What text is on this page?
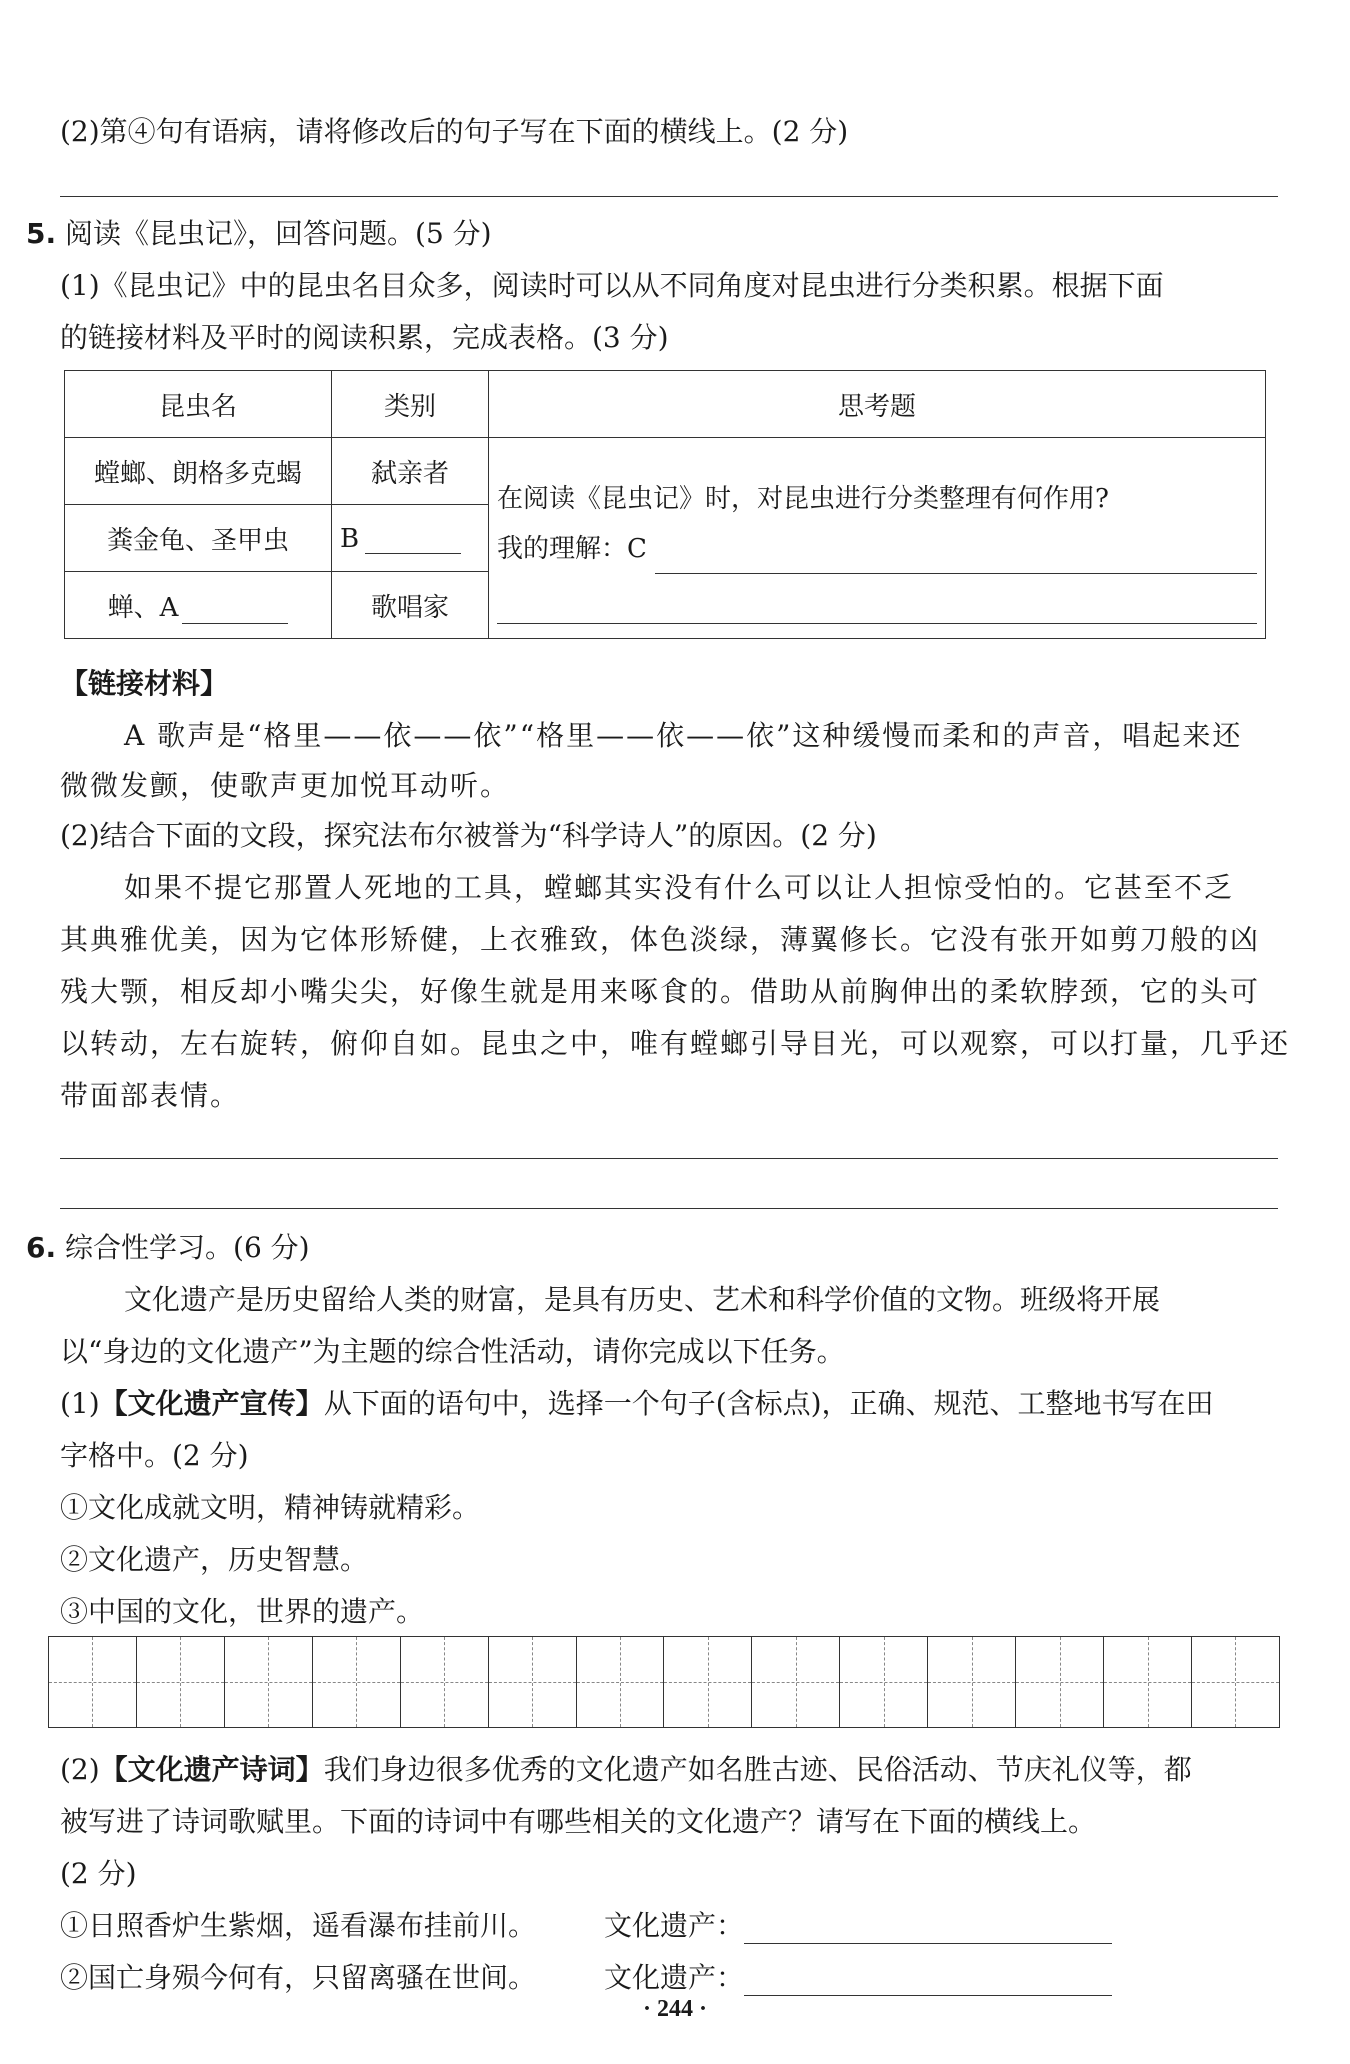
(2)第④句有语病，请将修改后的句子写在下面的横线上。(2 分)
5. 阅读《昆虫记》，回答问题。(5 分)
(1)《昆虫记》中的昆虫名目众多，阅读时可以从不同角度对昆虫进行分类积累。根据下面
的链接材料及平时的阅读积累，完成表格。(3 分)
昆虫名	类别	思考题
螳螂、朗格多克蝎	弑亲者	在阅读《昆虫记》时，对昆虫进行分类整理有何作用?
我的理解：C

粪金龟、圣甲虫	B	
蝉、A	歌唱家	
【链接材料】
A 歌声是“格里——依——依”“格里——依——依”这种缓慢而柔和的声音，唱起来还
微微发颤，使歌声更加悦耳动听。
(2)结合下面的文段，探究法布尔被誉为“科学诗人”的原因。(2 分)
如果不提它那置人死地的工具，螳螂其实没有什么可以让人担惊受怕的。它甚至不乏
其典雅优美，因为它体形矫健，上衣雅致，体色淡绿，薄翼修长。它没有张开如剪刀般的凶
残大颚，相反却小嘴尖尖，好像生就是用来啄食的。借助从前胸伸出的柔软脖颈，它的头可
以转动，左右旋转，俯仰自如。昆虫之中，唯有螳螂引导目光，可以观察，可以打量，几乎还
带面部表情。
6. 综合性学习。(6 分)
文化遗产是历史留给人类的财富，是具有历史、艺术和科学价值的文物。班级将开展
以“身边的文化遗产”为主题的综合性活动，请你完成以下任务。
(1)【文化遗产宣传】从下面的语句中，选择一个句子(含标点)，正确、规范、工整地书写在田
字格中。(2 分)
①文化成就文明，精神铸就精彩。
②文化遗产，历史智慧。
③中国的文化，世界的遗产。
(2)【文化遗产诗词】我们身边很多优秀的文化遗产如名胜古迹、民俗活动、节庆礼仪等，都
被写进了诗词歌赋里。下面的诗词中有哪些相关的文化遗产？请写在下面的横线上。
(2 分)
①日照香炉生紫烟，遥看瀑布挂前川。 文化遗产：
②国亡身殒今何有，只留离骚在世间。 文化遗产：
· 244 ·
